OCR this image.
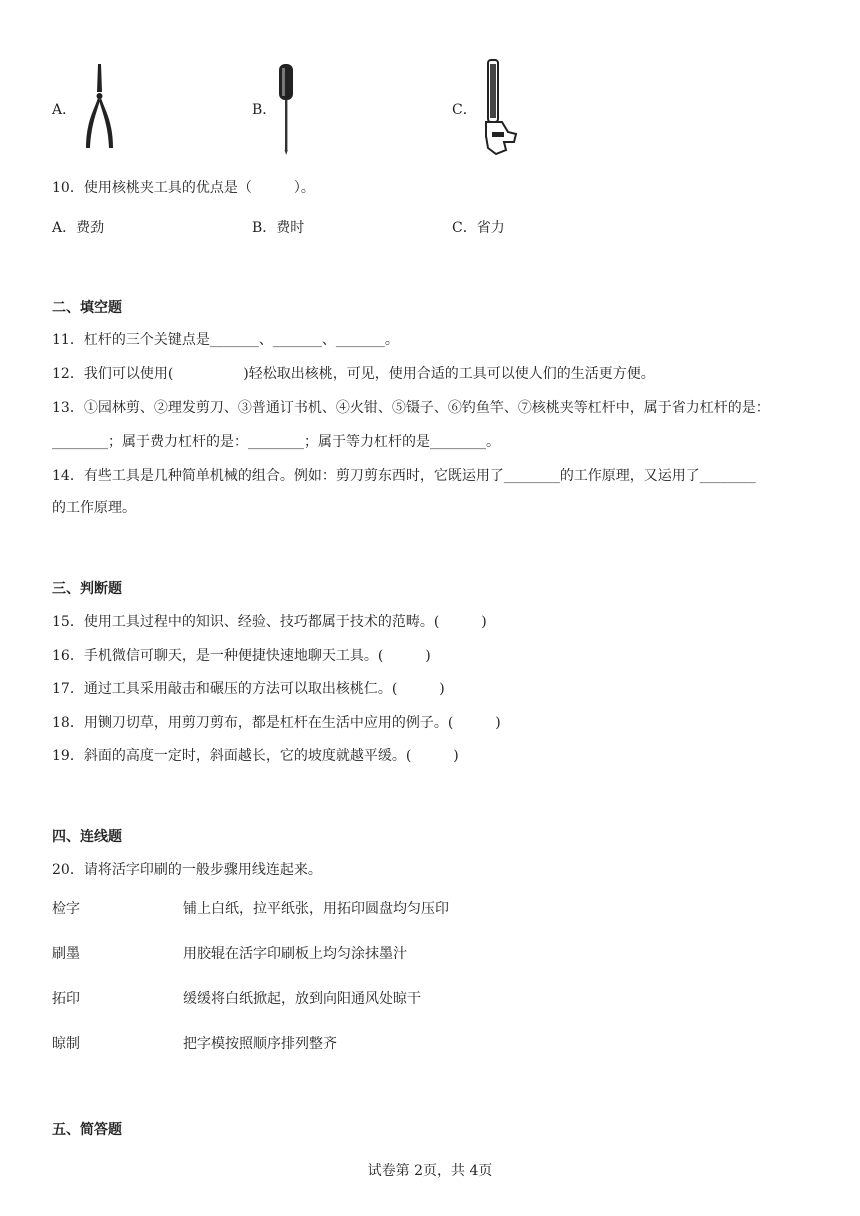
A．	B．	C．
10．使用核桃夹工具的优点是（　　　）。
A．费劲	B．费时	C．省力
二、填空题
11．杠杆的三个关键点是_______、_______、_______。
12．我们可以使用(　　　　　)轻松取出核桃，可见，使用合适的工具可以使人们的生活更方便。
13．①园林剪、②理发剪刀、③普通订书机、④火钳、⑤镊子、⑥钓鱼竿、⑦核桃夹等杠杆中，属于省力杠杆的是：
________；属于费力杠杆的是：________；属于等力杠杆的是________。
14．有些工具是几种简单机械的组合。例如：剪刀剪东西时，它既运用了________的工作原理，又运用了________
的工作原理。
三、判断题
15．使用工具过程中的知识、经验、技巧都属于技术的范畴。(　　　)
16．手机微信可聊天，是一种便捷快速地聊天工具。(　　　)
17．通过工具采用敲击和碾压的方法可以取出核桃仁。(　　　)
18．用铡刀切草，用剪刀剪布，都是杠杆在生活中应用的例子。(　　　)
19．斜面的高度一定时，斜面越长，它的坡度就越平缓。(　　　)
四、连线题
20．请将活字印刷的一般步骤用线连起来。
检字	铺上白纸，拉平纸张，用拓印圆盘均匀压印
刷墨	用胶辊在活字印刷板上均匀涂抹墨汁
拓印	缓缓将白纸掀起，放到向阳通风处晾干
晾制	把字模按照顺序排列整齐
五、简答题
试卷第 2页，共 4页
